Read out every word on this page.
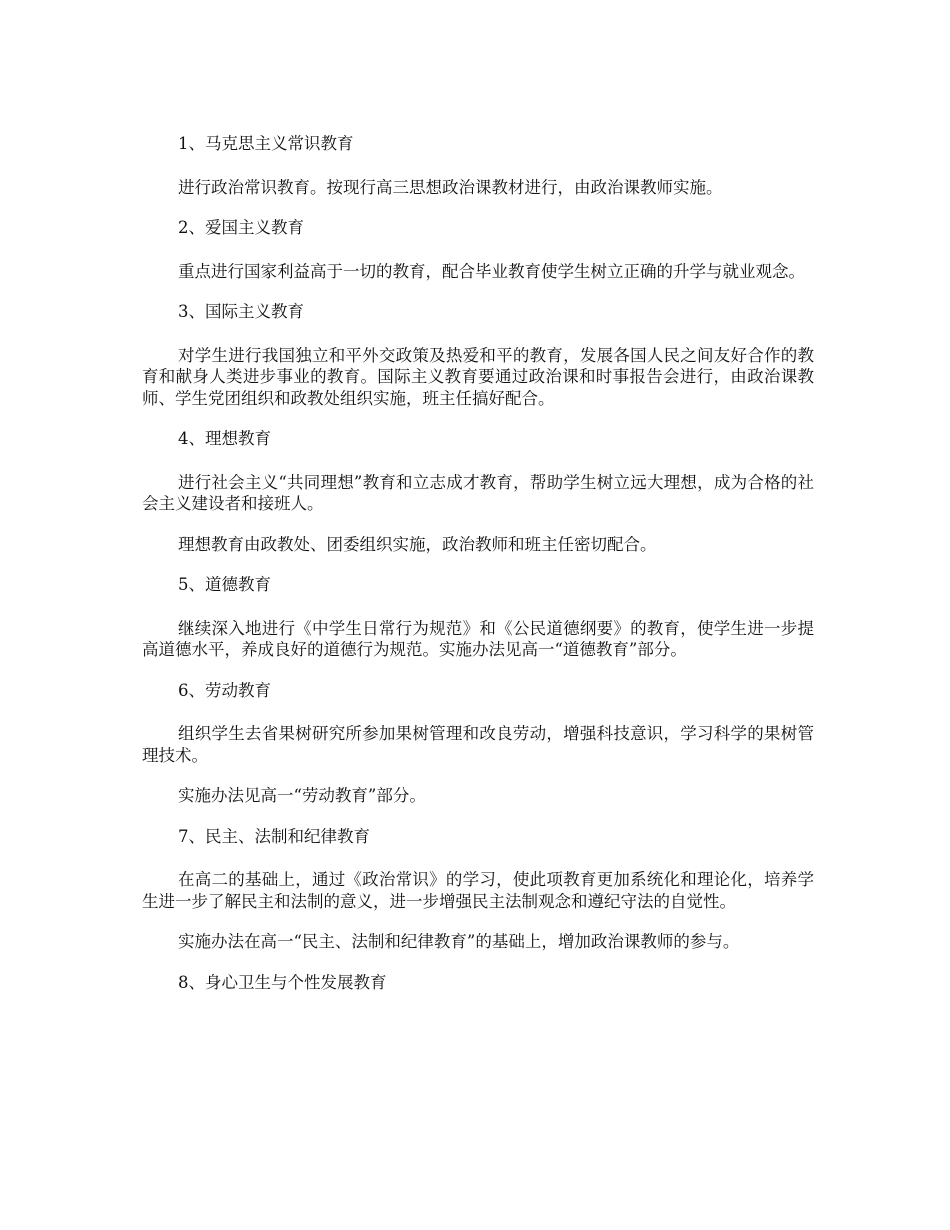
1、马克思主义常识教育

进行政治常识教育。按现行高三思想政治课教材进行，由政治课教师实施。

2、爱国主义教育

重点进行国家利益高于一切的教育，配合毕业教育使学生树立正确的升学与就业观念。

3、国际主义教育

对学生进行我国独立和平外交政策及热爱和平的教育，发展各国人民之间友好合作的教育和献身人类进步事业的教育。国际主义教育要通过政治课和时事报告会进行，由政治课教师、学生党团组织和政教处组织实施，班主任搞好配合。

4、理想教育

进行社会主义“共同理想”教育和立志成才教育，帮助学生树立远大理想，成为合格的社会主义建设者和接班人。

理想教育由政教处、团委组织实施，政治教师和班主任密切配合。

5、道德教育

继续深入地进行《中学生日常行为规范》和《公民道德纲要》的教育，使学生进一步提高道德水平，养成良好的道德行为规范。实施办法见高一“道德教育”部分。

6、劳动教育

组织学生去省果树研究所参加果树管理和改良劳动，增强科技意识，学习科学的果树管理技术。

实施办法见高一“劳动教育”部分。

7、民主、法制和纪律教育

在高二的基础上，通过《政治常识》的学习，使此项教育更加系统化和理论化，培养学生进一步了解民主和法制的意义，进一步增强民主法制观念和遵纪守法的自觉性。

实施办法在高一“民主、法制和纪律教育”的基础上，增加政治课教师的参与。

8、身心卫生与个性发展教育
